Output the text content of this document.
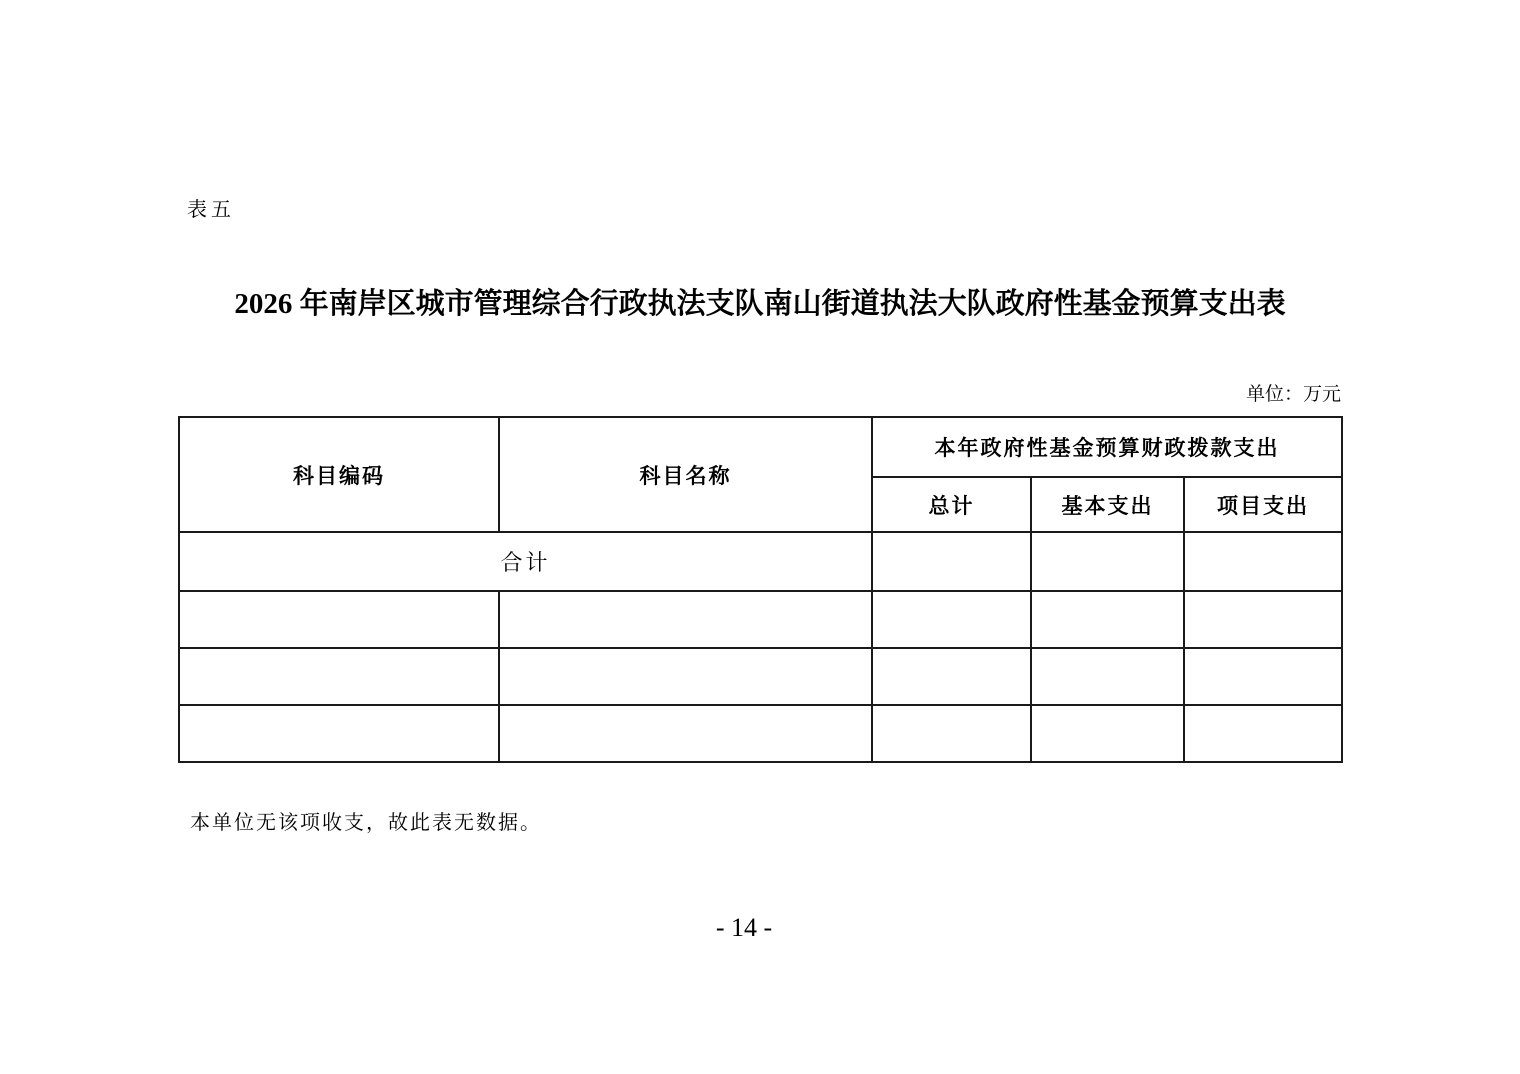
表五
2026 年南岸区城市管理综合行政执法支队南山街道执法大队政府性基金预算支出表
单位：万元
科目编码	科目名称	本年政府性基金预算财政拨款支出		
		总计	基本支出	项目支出
合计				

本单位无该项收支，故此表无数据。
- 14 -
